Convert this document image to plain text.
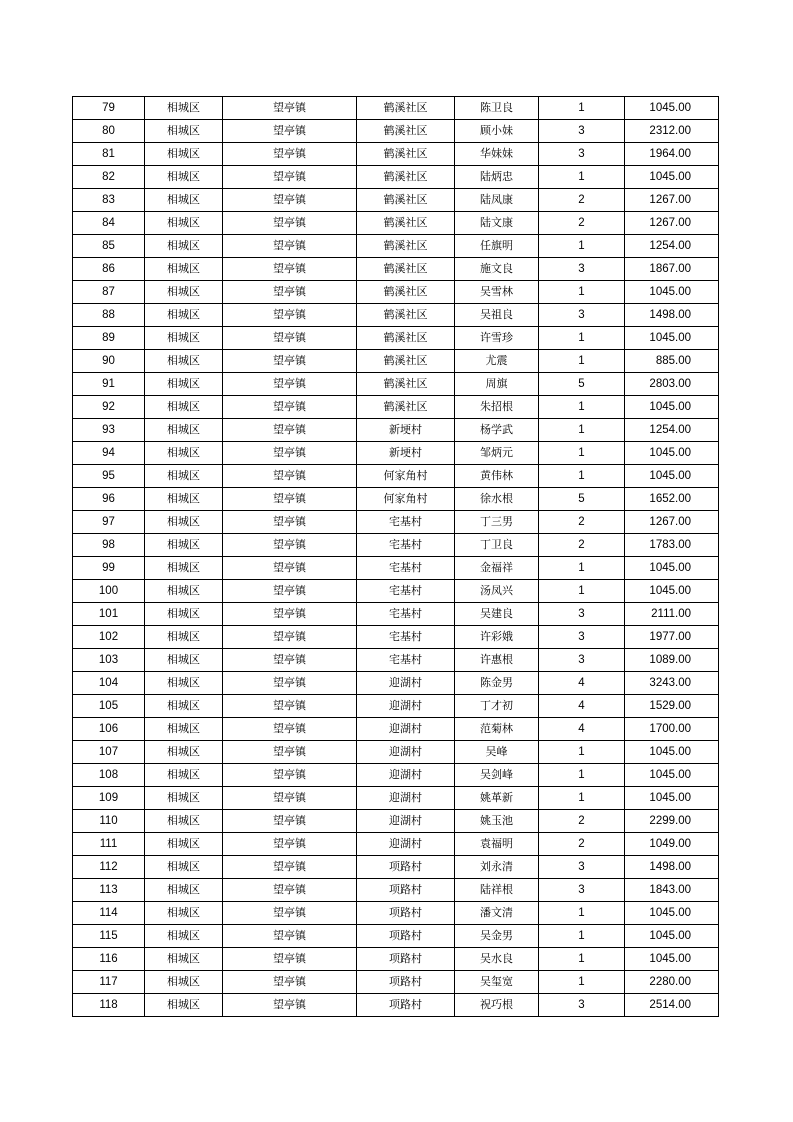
79	相城区	望亭镇	鹤溪社区	陈卫良	1	1045.00
80	相城区	望亭镇	鹤溪社区	顾小妹	3	2312.00
81	相城区	望亭镇	鹤溪社区	华妹妹	3	1964.00
82	相城区	望亭镇	鹤溪社区	陆炳忠	1	1045.00
83	相城区	望亭镇	鹤溪社区	陆凤康	2	1267.00
84	相城区	望亭镇	鹤溪社区	陆文康	2	1267.00
85	相城区	望亭镇	鹤溪社区	任旗明	1	1254.00
86	相城区	望亭镇	鹤溪社区	施文良	3	1867.00
87	相城区	望亭镇	鹤溪社区	吴雪林	1	1045.00
88	相城区	望亭镇	鹤溪社区	吴祖良	3	1498.00
89	相城区	望亭镇	鹤溪社区	许雪珍	1	1045.00
90	相城区	望亭镇	鹤溪社区	尤震	1	885.00
91	相城区	望亭镇	鹤溪社区	周旗	5	2803.00
92	相城区	望亭镇	鹤溪社区	朱招根	1	1045.00
93	相城区	望亭镇	新埂村	杨学武	1	1254.00
94	相城区	望亭镇	新埂村	邹炳元	1	1045.00
95	相城区	望亭镇	何家角村	黄伟林	1	1045.00
96	相城区	望亭镇	何家角村	徐水根	5	1652.00
97	相城区	望亭镇	宅基村	丁三男	2	1267.00
98	相城区	望亭镇	宅基村	丁卫良	2	1783.00
99	相城区	望亭镇	宅基村	金福祥	1	1045.00
100	相城区	望亭镇	宅基村	汤凤兴	1	1045.00
101	相城区	望亭镇	宅基村	吴建良	3	2111.00
102	相城区	望亭镇	宅基村	许彩娥	3	1977.00
103	相城区	望亭镇	宅基村	许惠根	3	1089.00
104	相城区	望亭镇	迎湖村	陈金男	4	3243.00
105	相城区	望亭镇	迎湖村	丁才初	4	1529.00
106	相城区	望亭镇	迎湖村	范菊林	4	1700.00
107	相城区	望亭镇	迎湖村	吴峰	1	1045.00
108	相城区	望亭镇	迎湖村	吴剑峰	1	1045.00
109	相城区	望亭镇	迎湖村	姚革新	1	1045.00
110	相城区	望亭镇	迎湖村	姚玉池	2	2299.00
111	相城区	望亭镇	迎湖村	袁福明	2	1049.00
112	相城区	望亭镇	项路村	刘永清	3	1498.00
113	相城区	望亭镇	项路村	陆祥根	3	1843.00
114	相城区	望亭镇	项路村	潘文清	1	1045.00
115	相城区	望亭镇	项路村	吴金男	1	1045.00
116	相城区	望亭镇	项路村	吴水良	1	1045.00
117	相城区	望亭镇	项路村	吴玺宽	1	2280.00
118	相城区	望亭镇	项路村	祝巧根	3	2514.00
